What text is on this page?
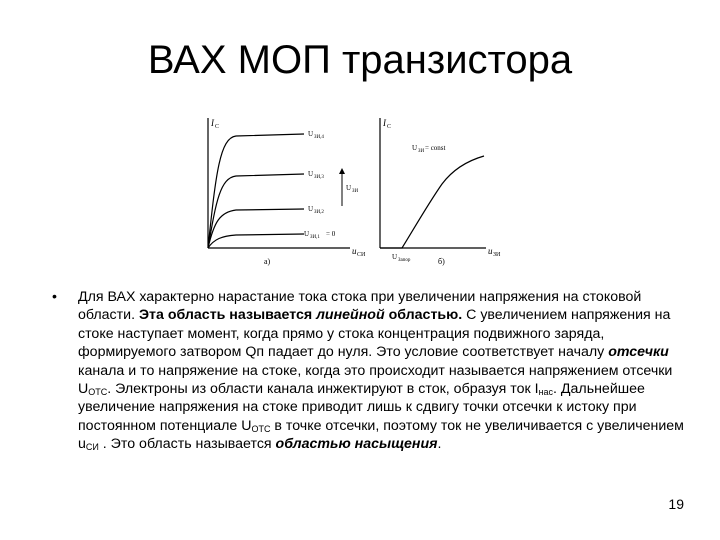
ВАХ МОП транзистора
I C
u СИ
а)
U ЗИ,4
U ЗИ,3
U ЗИ,2
U ЗИ,1 = 0
U ЗИ
I C
u ЗИ
б)
U ЗИ = const
U Запор
•	Для ВАХ характерно нарастание тока стока при увеличении напряжения на стоковой области. Эта область называется линейной областью. С увеличением напряжения на стоке наступает момент, когда прямо у стока концентрация подвижного заряда, формируемого затвором Qп падает до нуля. Это условие соответствует началу отсечки канала и то напряжение на стоке, когда это происходит называется напряжением отсечки $U_{ОТС}$. Электроны из области канала инжектируют в сток, образуя ток $I_{нас}$. Дальнейшее увеличение напряжения на стоке приводит лишь к сдвигу точки отсечки к истоку при постоянном потенциале $U_{ОТС}$ в точке отсечки, поэтому ток не увеличивается с увеличением $u_{СИ}$ . Это область называется областью насыщения.
19
